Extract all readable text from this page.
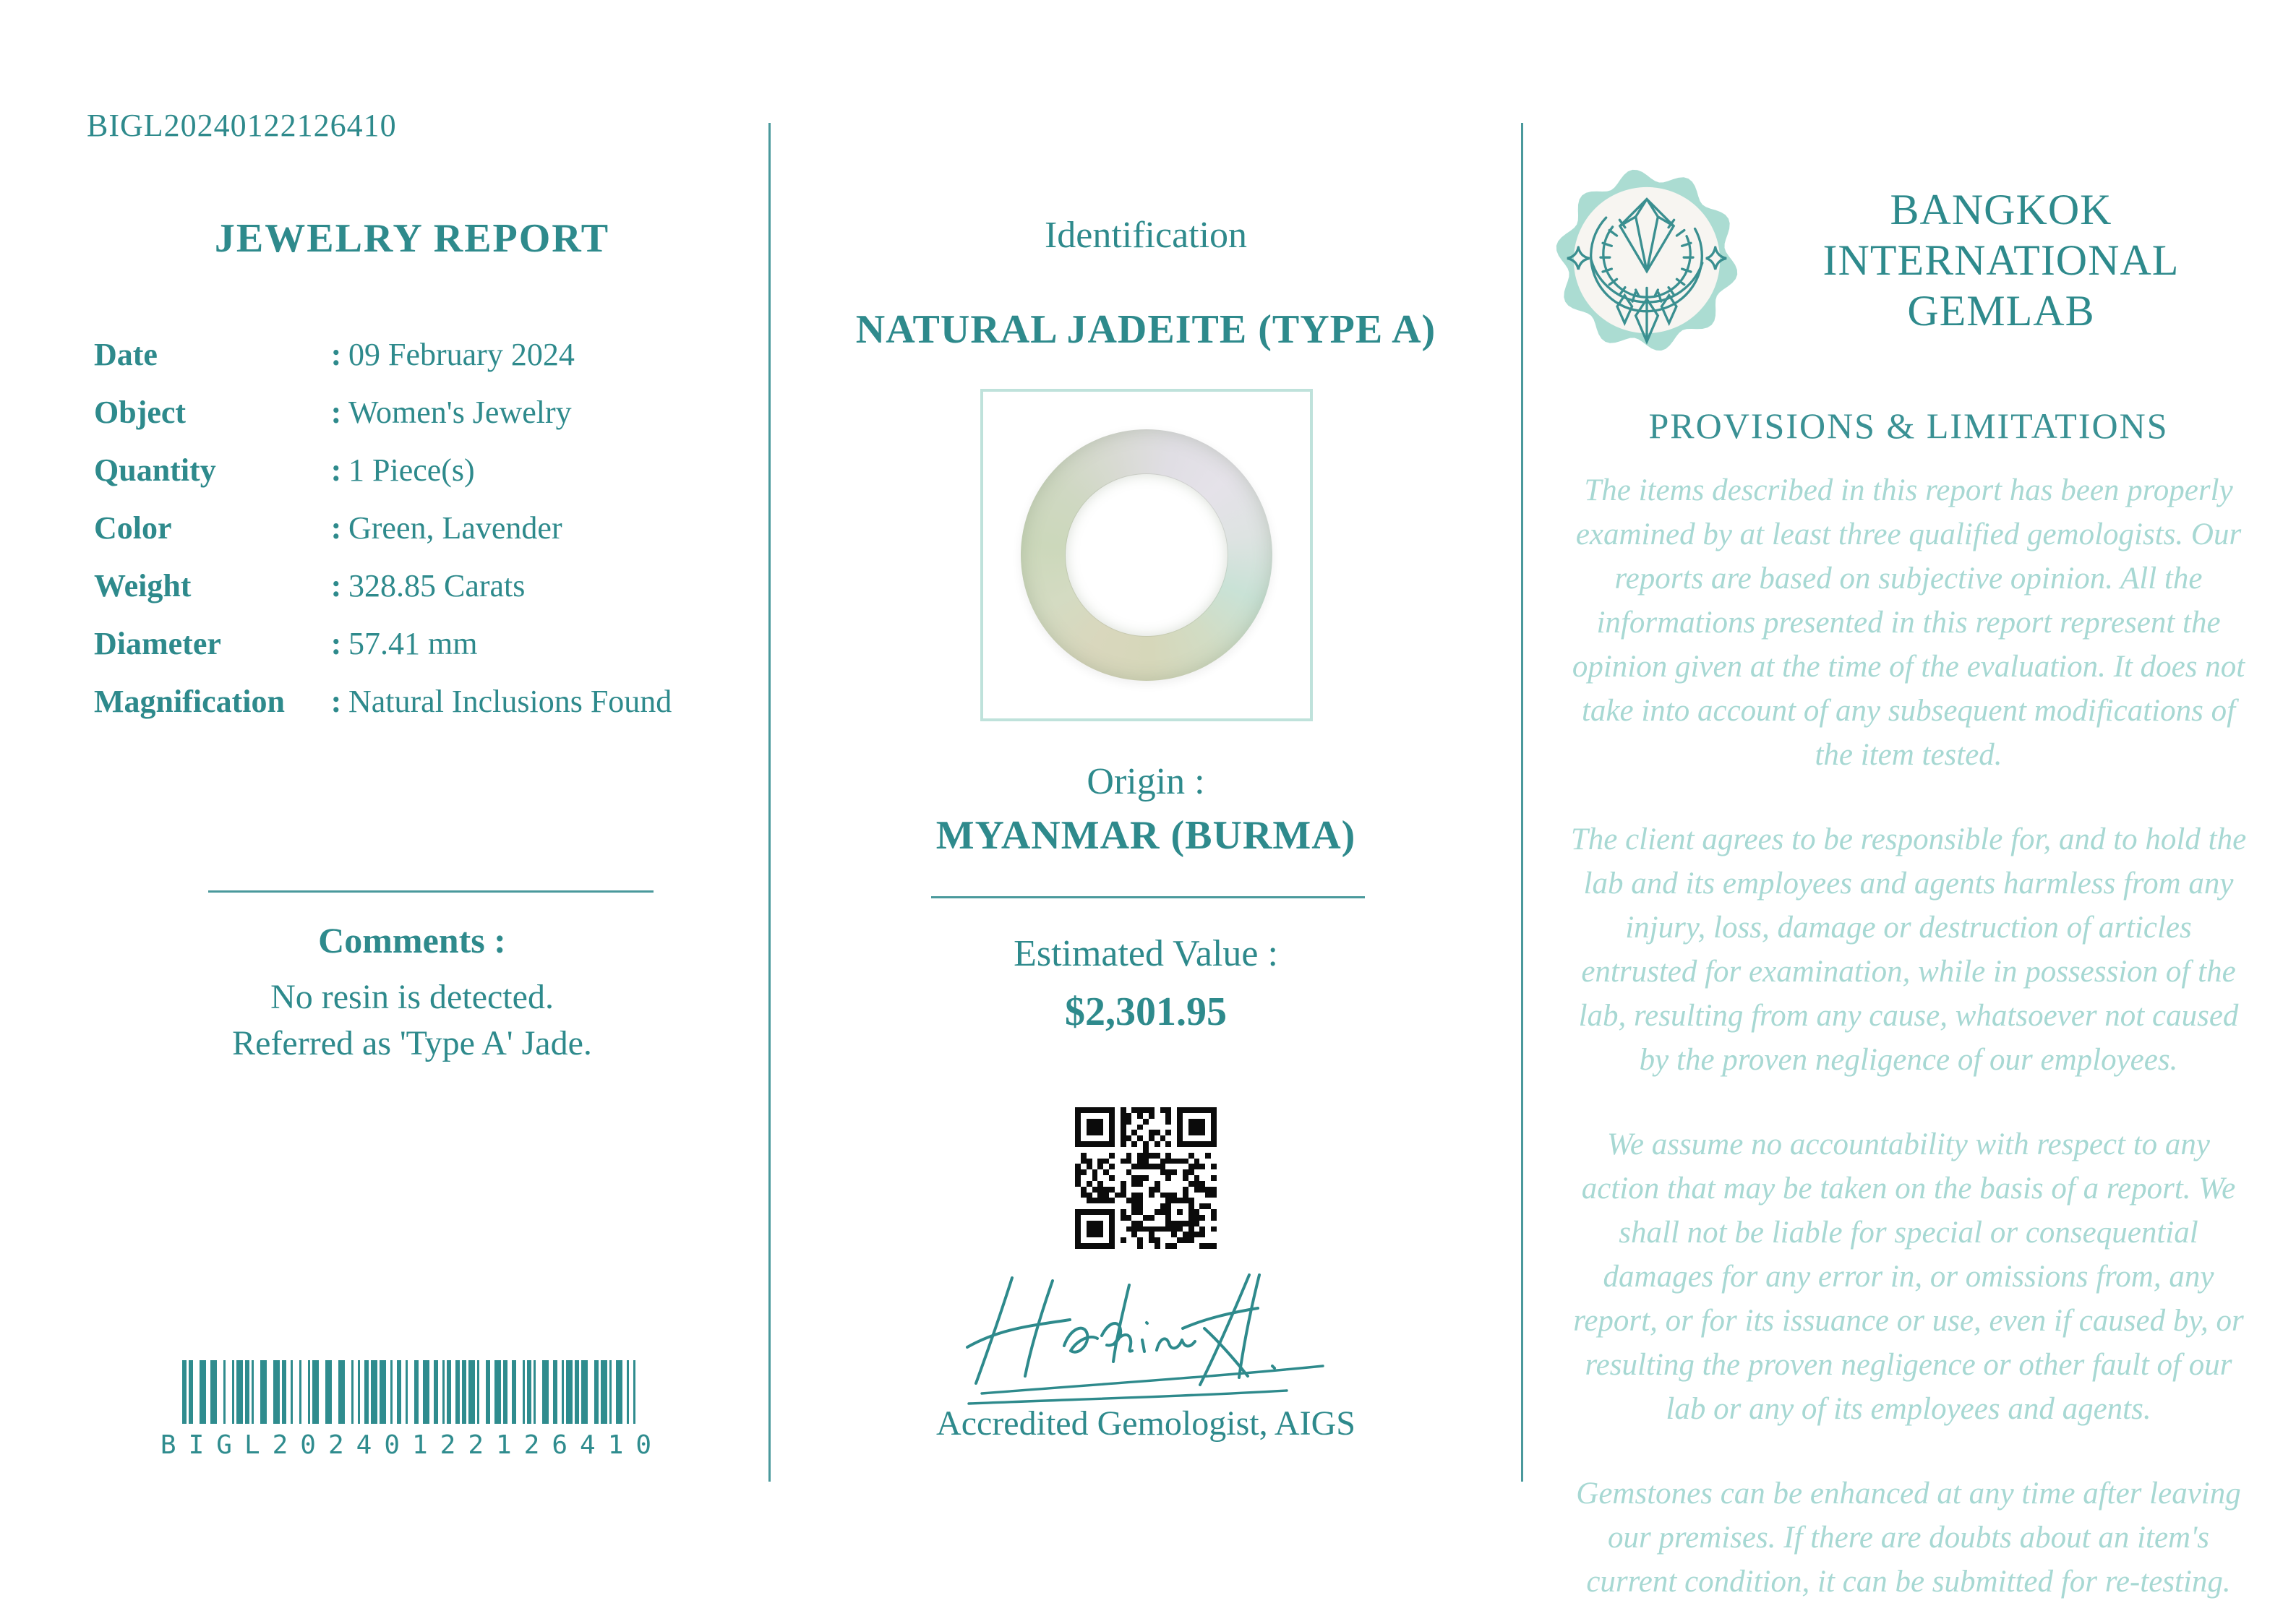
BIGL20240122126410
JEWELRY REPORT
Date	: 09 February 2024
Object	: Women's Jewelry
Quantity	: 1 Piece(s)
Color	: Green, Lavender
Weight	: 328.85 Carats
Diameter	: 57.41 mm
Magnification	: Natural Inclusions Found
Comments :
No resin is detected.
Referred as 'Type A' Jade.
BIGL20240122126410
Identification
NATURAL JADEITE (TYPE A)
Origin :
MYANMAR (BURMA)
Estimated Value :
$2,301.95
Accredited Gemologist, AIGS
BANGKOK
INTERNATIONAL
GEMLAB
PROVISIONS & LIMITATIONS

The items described in this report has been properly examined by at least three qualified gemologists. Our reports are based on subjective opinion. All the informations presented in this report represent the opinion given at the time of the evaluation. It does not take into account of any subsequent modifications of the item tested.

The client agrees to be responsible for, and to hold the lab and its employees and agents harmless from any injury, loss, damage or destruction of articles entrusted for examination, while in possession of the lab, resulting from any cause, whatsoever not caused by the proven negligence of our employees.

We assume no accountability with respect to any action that may be taken on the basis of a report. We shall not be liable for special or consequential damages for any error in, or omissions from, any report, or for its issuance or use, even if caused by, or resulting the proven negligence or other fault of our lab or any of its employees and agents.

Gemstones can be enhanced at any time after leaving our premises. If there are doubts about an item's current condition, it can be submitted for re-testing.
